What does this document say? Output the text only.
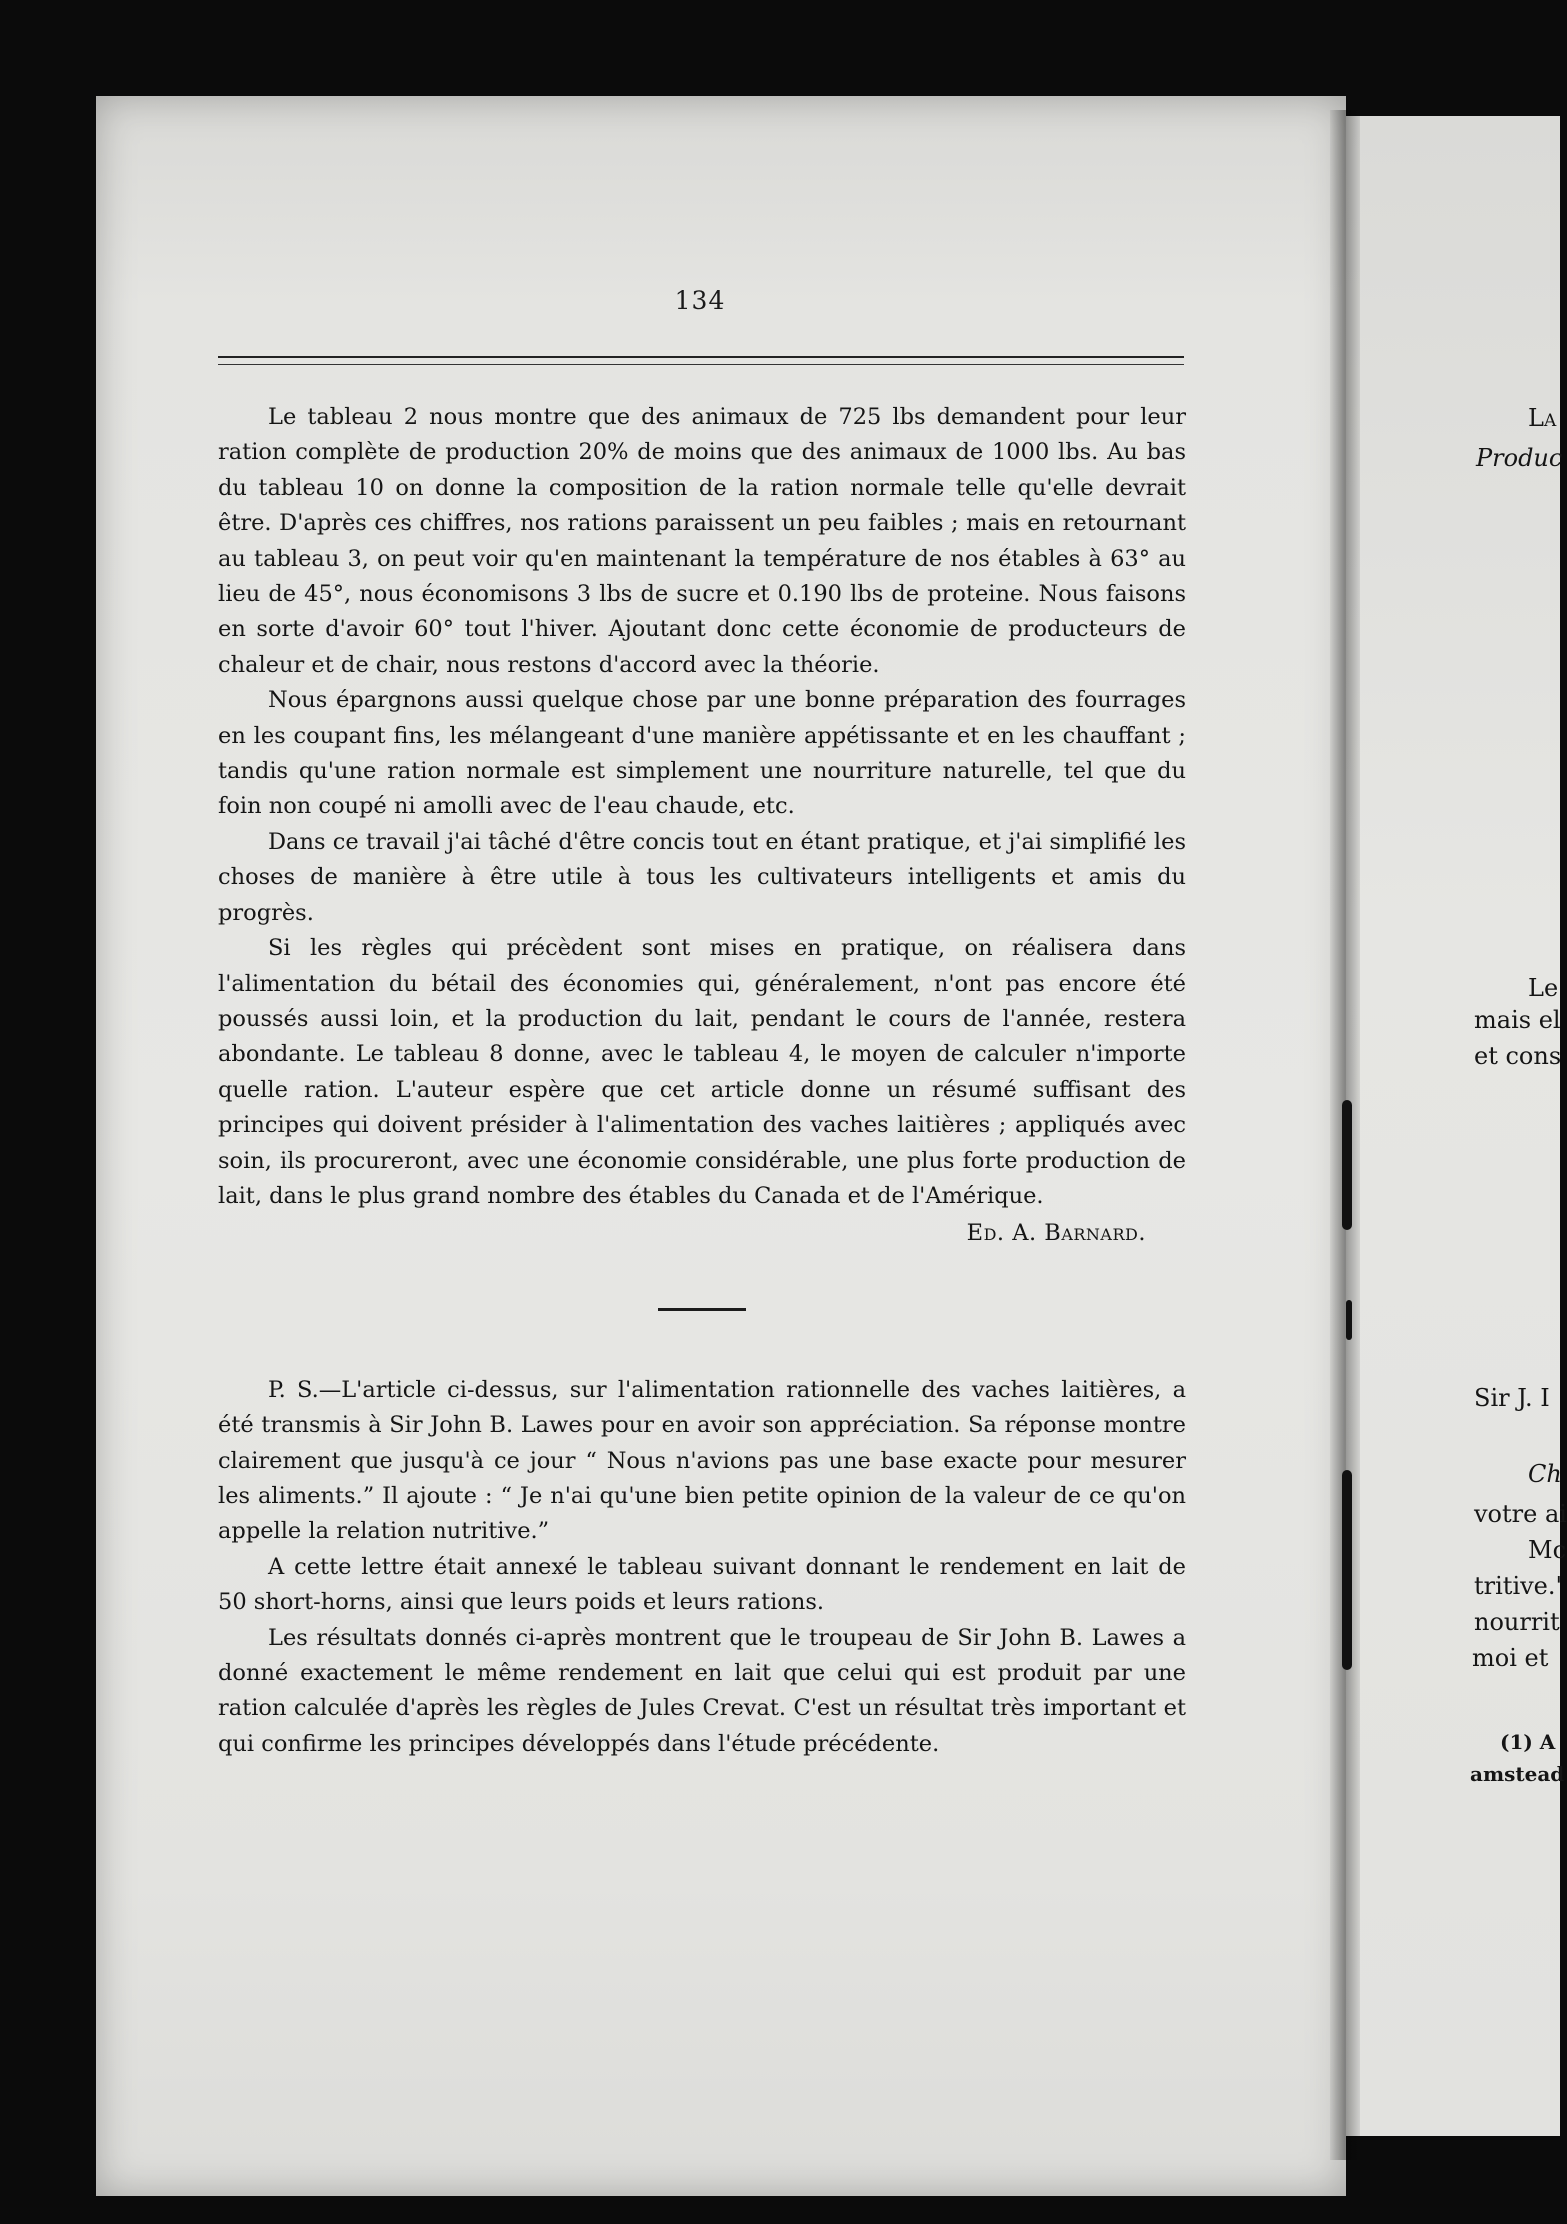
134

Le tableau 2 nous montre que des animaux de 725 lbs demandent pour leur ration complète de production 20% de moins que des animaux de 1000 lbs. Au bas du tableau 10 on donne la composition de la ration normale telle qu'elle devrait être. D'après ces chiffres, nos rations paraissent un peu faibles ; mais en retournant au tableau 3, on peut voir qu'en maintenant la température de nos étables à 63° au lieu de 45°, nous économisons 3 lbs de sucre et 0.190 lbs de proteine. Nous faisons en sorte d'avoir 60° tout l'hiver. Ajoutant donc cette économie de producteurs de chaleur et de chair, nous restons d'accord avec la théorie.

Nous épargnons aussi quelque chose par une bonne préparation des fourrages en les coupant fins, les mélangeant d'une manière appétissante et en les chauffant ; tandis qu'une ration normale est simplement une nourriture naturelle, tel que du foin non coupé ni amolli avec de l'eau chaude, etc.

Dans ce travail j'ai tâché d'être concis tout en étant pratique, et j'ai simplifié les choses de manière à être utile à tous les cultivateurs intelligents et amis du progrès.

Si les règles qui précèdent sont mises en pratique, on réalisera dans l'alimentation du bétail des économies qui, généralement, n'ont pas encore été poussés aussi loin, et la production du lait, pendant le cours de l'année, restera abondante. Le tableau 8 donne, avec le tableau 4, le moyen de calculer n'importe quelle ration. L'auteur espère que cet article donne un résumé suffisant des principes qui doivent présider à l'alimentation des vaches laitières ; appliqués avec soin, ils procureront, avec une économie considérable, une plus forte production de lait, dans le plus grand nombre des étables du Canada et de l'Amérique.

Ed. A. Barnard.

P. S.—L'article ci-dessus, sur l'alimentation rationnelle des vaches laitières, a été transmis à Sir John B. Lawes pour en avoir son appréciation. Sa réponse montre clairement que jusqu'à ce jour “ Nous n'avions pas une base exacte pour mesurer les aliments.” Il ajoute : “ Je n'ai qu'une bien petite opinion de la valeur de ce qu'on appelle la relation nutritive.”

A cette lettre était annexé le tableau suivant donnant le rendement en lait de 50 short-horns, ainsi que leurs poids et leurs rations.

Les résultats donnés ci-après montrent que le troupeau de Sir John B. Lawes a donné exactement le même rendement en lait que celui qui est produit par une ration calculée d'après les règles de Jules Crevat. C'est un résultat très important et qui confirme les principes développés dans l'étude précédente.

La
Produc
Le
mais el
et cons
Sir J. I
Ch
votre ai
Mc
tritive.'
nourrit
moi et
(1) A
amstead
